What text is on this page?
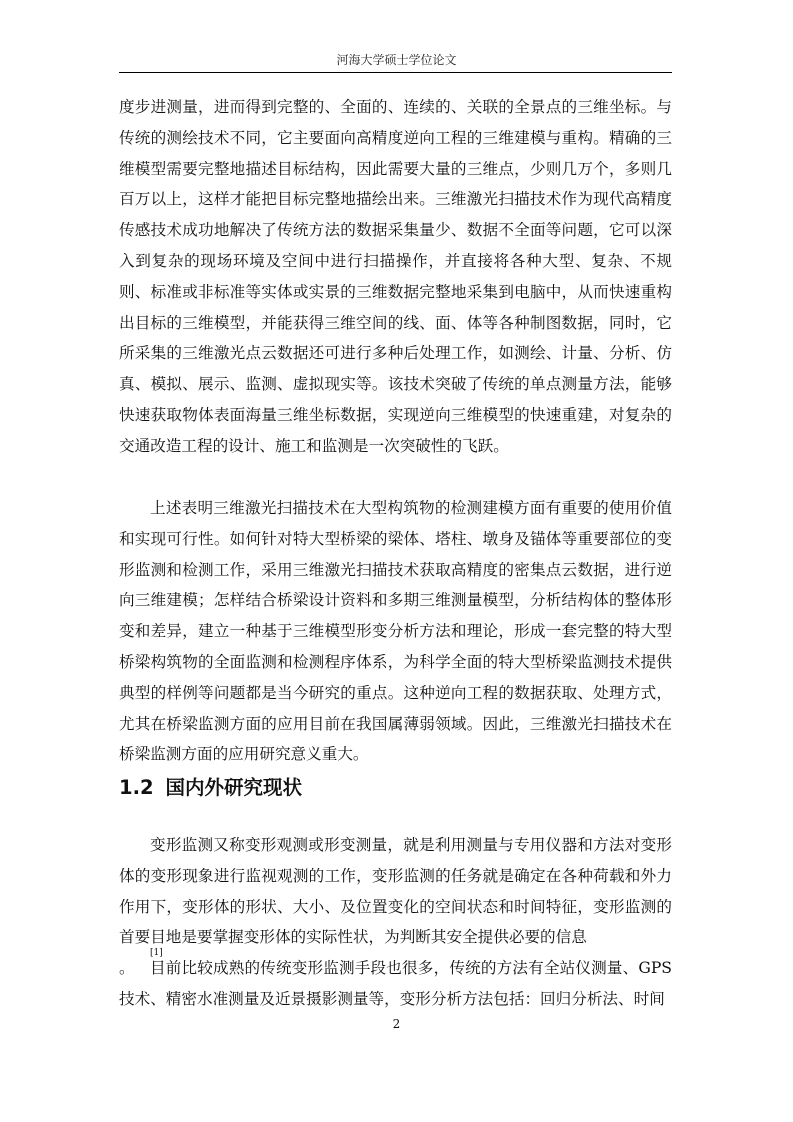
河海大学硕士学位论文

度步进测量，进而得到完整的、全面的、连续的、关联的全景点的三维坐标。与传统的测绘技术不同，它主要面向高精度逆向工程的三维建模与重构。精确的三维模型需要完整地描述目标结构，因此需要大量的三维点，少则几万个，多则几百万以上，这样才能把目标完整地描绘出来。三维激光扫描技术作为现代高精度传感技术成功地解决了传统方法的数据采集量少、数据不全面等问题，它可以深入到复杂的现场环境及空间中进行扫描操作，并直接将各种大型、复杂、不规则、标准或非标准等实体或实景的三维数据完整地采集到电脑中，从而快速重构出目标的三维模型，并能获得三维空间的线、面、体等各种制图数据，同时，它所采集的三维激光点云数据还可进行多种后处理工作，如测绘、计量、分析、仿真、模拟、展示、监测、虚拟现实等。该技术突破了传统的单点测量方法，能够快速获取物体表面海量三维坐标数据，实现逆向三维模型的快速重建，对复杂的交通改造工程的设计、施工和监测是一次突破性的飞跃。

上述表明三维激光扫描技术在大型构筑物的检测建模方面有重要的使用价值和实现可行性。如何针对特大型桥梁的梁体、塔柱、墩身及锚体等重要部位的变形监测和检测工作，采用三维激光扫描技术获取高精度的密集点云数据，进行逆向三维建模；怎样结合桥梁设计资料和多期三维测量模型，分析结构体的整体形变和差异，建立一种基于三维模型形变分析方法和理论，形成一套完整的特大型桥梁构筑物的全面监测和检测程序体系，为科学全面的特大型桥梁监测技术提供典型的样例等问题都是当今研究的重点。这种逆向工程的数据获取、处理方式，尤其在桥梁监测方面的应用目前在我国属薄弱领域。因此，三维激光扫描技术在桥梁监测方面的应用研究意义重大。

1.2 国内外研究现状

变形监测又称变形观测或形变测量，就是利用测量与专用仪器和方法对变形体的变形现象进行监视观测的工作，变形监测的任务就是确定在各种荷载和外力作用下，变形体的形状、大小、及位置变化的空间状态和时间特征，变形监测的首要目地是要掌握变形体的实际性状，为判断其安全提供必要的信息
[1]
。 目前比较成熟的传统变形监测手段也很多，传统的方法有全站仪测量、GPS技术、精密水准测量及近景摄影测量等，变形分析方法包括：回归分析法、时间

2
